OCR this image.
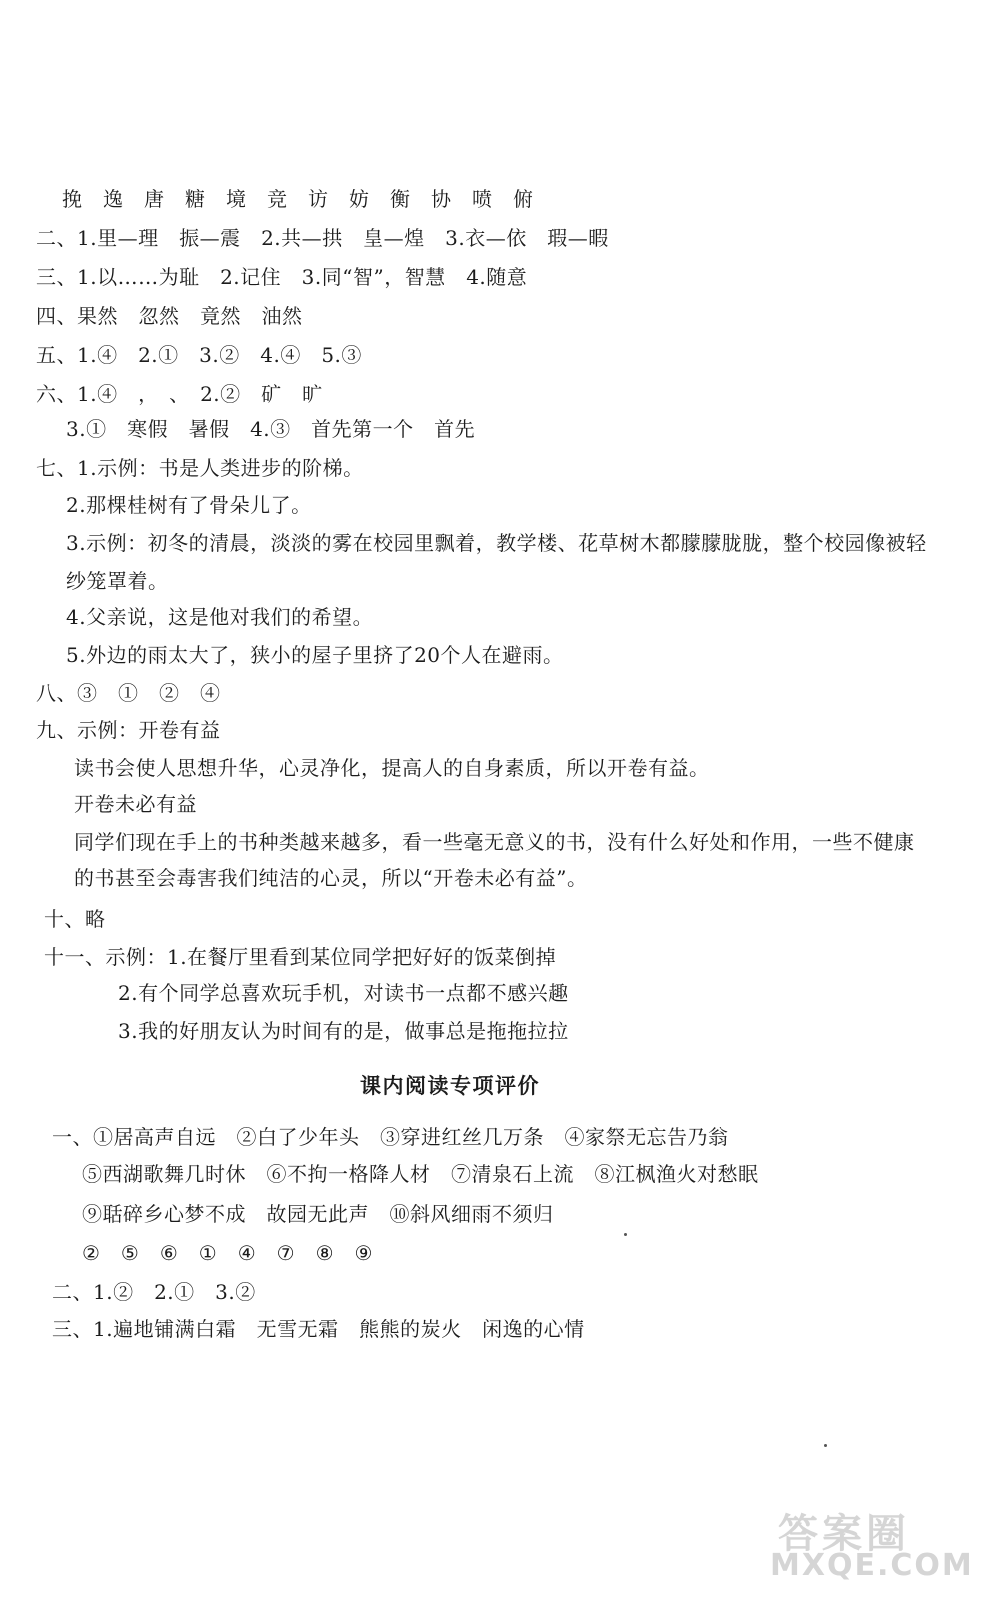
挽　逸　唐　糖　境　竞　访　妨　衡　协　喷　俯
二、1.里—理　振—震　2.共—拱　皇—煌　3.衣—依　瑕—暇
三、1.以……为耻　2.记住　3.同“智”，智慧　4.随意
四、果然　忽然　竟然　油然
五、1.④　2.①　3.②　4.④　5.③
六、1.④　，　、　2.②　矿　旷
3.①　寒假　暑假　4.③　首先第一个　首先
七、1.示例：书是人类进步的阶梯。
2.那棵桂树有了骨朵儿了。
3.示例：初冬的清晨，淡淡的雾在校园里飘着，教学楼、花草树木都朦朦胧胧，整个校园像被轻
纱笼罩着。
4.父亲说，这是他对我们的希望。
5.外边的雨太大了，狭小的屋子里挤了20个人在避雨。
八、③　①　②　④
九、示例：开卷有益
读书会使人思想升华，心灵净化，提高人的自身素质，所以开卷有益。
开卷未必有益
同学们现在手上的书种类越来越多，看一些毫无意义的书，没有什么好处和作用，一些不健康
的书甚至会毒害我们纯洁的心灵，所以“开卷未必有益”。
十、略
十一、示例：1.在餐厅里看到某位同学把好好的饭菜倒掉
2.有个同学总喜欢玩手机，对读书一点都不感兴趣
3.我的好朋友认为时间有的是，做事总是拖拖拉拉
课内阅读专项评价
一、①居高声自远　②白了少年头　③穿进红丝几万条　④家祭无忘告乃翁
⑤西湖歌舞几时休　⑥不拘一格降人材　⑦清泉石上流　⑧江枫渔火对愁眠
⑨聒碎乡心梦不成　故园无此声　⑩斜风细雨不须归
②　⑤　⑥　①　④　⑦　⑧　⑨
二、1.②　2.①　3.②
三、1.遍地铺满白霜　无雪无霜　熊熊的炭火　闲逸的心情
答案圈
MXQE.COM
